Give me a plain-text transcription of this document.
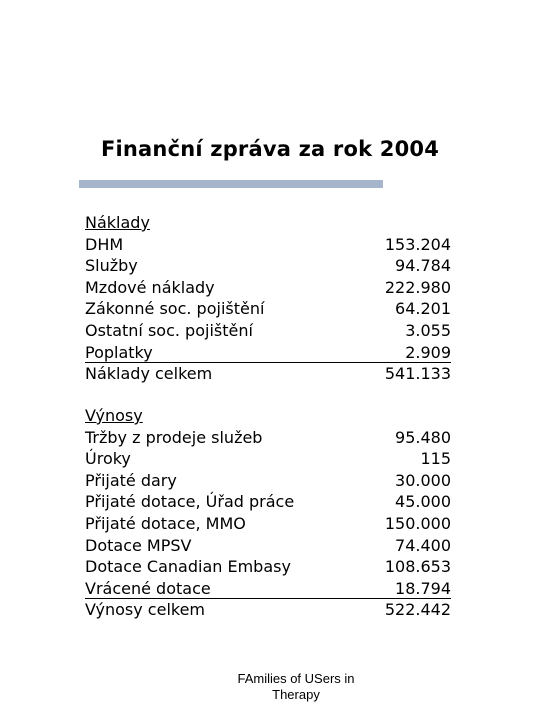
Finanční zpráva za rok 2004
Náklady
DHM	153.204
Služby	94.784
Mzdové náklady	222.980
Zákonné soc. pojištění	64.201
Ostatní soc. pojištění	3.055
Poplatky	2.909
Náklady celkem	541.133
Výnosy
Tržby z prodeje služeb	95.480
Úroky	115
Přijaté dary	30.000
Přijaté dotace, Úřad práce	45.000
Přijaté dotace, MMO	150.000
Dotace MPSV	74.400
Dotace Canadian Embasy	108.653
Vrácené dotace	18.794
Výnosy celkem	522.442
FAmilies of USers in
Therapy
